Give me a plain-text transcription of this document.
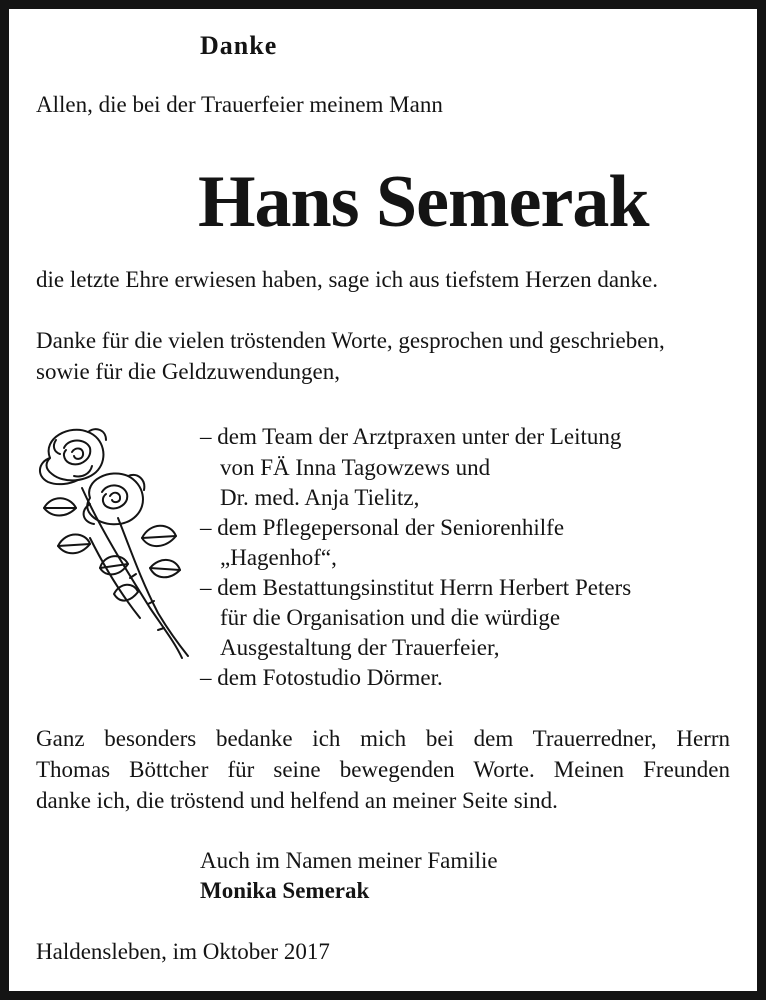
Danke
Allen, die bei der Trauerfeier meinem Mann
Hans Semerak
die letzte Ehre erwiesen haben, sage ich aus tiefstem Herzen danke.
Danke für die vielen tröstenden Worte, gesprochen und geschrieben,
sowie für die Geldzuwendungen,
– dem Team der Arztpraxen unter der Leitung
von FÄ Inna Tagowzews und
Dr. med. Anja Tielitz,
– dem Pflegepersonal der Seniorenhilfe
„Hagenhof“,
– dem Bestattungsinstitut Herrn Herbert Peters
für die Organisation und die würdige
Ausgestaltung der Trauerfeier,
– dem Fotostudio Dörmer.
Ganz besonders bedanke ich mich bei dem Trauerredner, Herrn
Thomas Böttcher für seine bewegenden Worte. Meinen Freunden
danke ich, die tröstend und helfend an meiner Seite sind.
Auch im Namen meiner Familie
Monika Semerak
Haldensleben, im Oktober 2017
